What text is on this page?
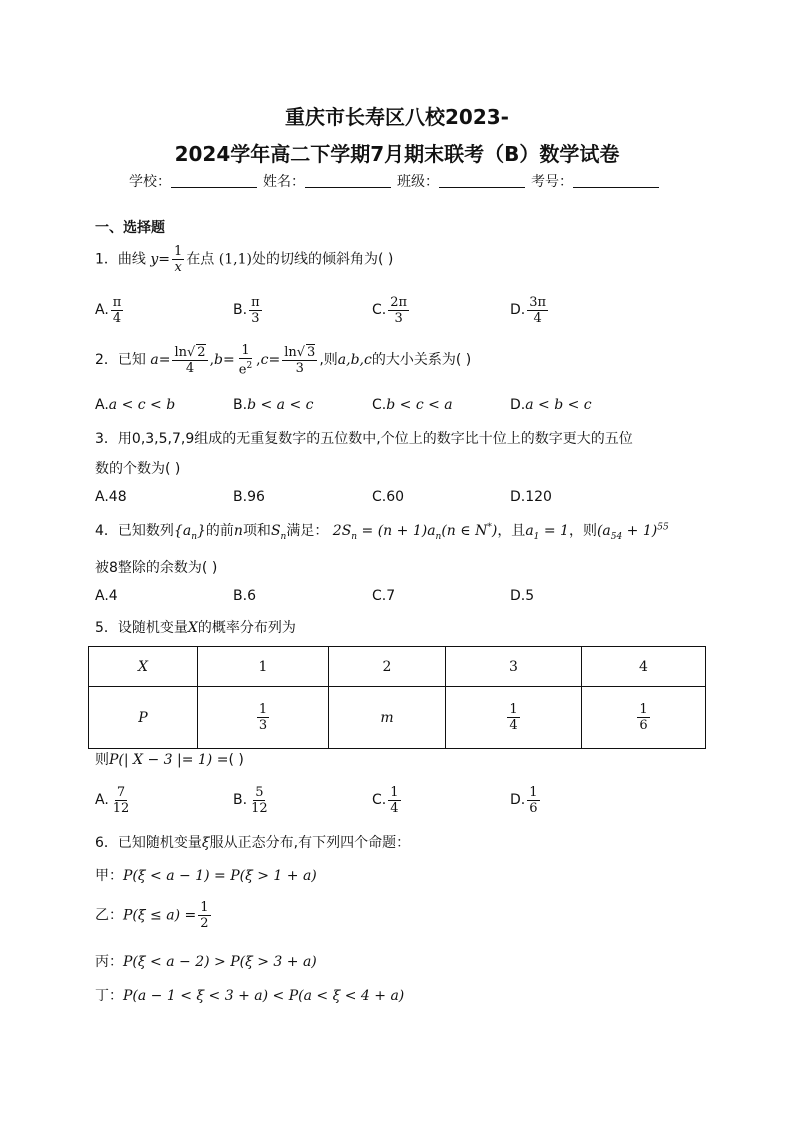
重庆市长寿区八校2023-
2024学年高二下学期7月期末联考（B）数学试卷
学校：	姓名：	班级：	考号：
一、选择题
1．曲线 $y= \frac{1}{x}$ 在点 (1,1)处的切线的倾斜角为( )
A. $\frac{\pi}{4}$	B. $\frac{\pi}{3}$	C. $\frac{2\pi}{3}$	D. $\frac{3\pi}{4}$
2．已知 $a= \frac{\ln√ 2}{4} ,b= \frac{1}{e^2} ,c= \frac{\ln√ 3}{3}$ ,则a,b,c的大小关系为( )
A.a < c < b	B.b < a < c	C.b < c < a	D.a < b < c
3．用0,3,5,7,9组成的无重复数字的五位数中,个位上的数字比十位上的数字更大的五位
数的个数为( )
A.48	B.96	C.60	D.120
4．已知数列$\{a_n\}$的前n项和$S_n$满足： $2S_n = (n + 1)a_n(n$ ∈ N*)，且$a_1 = 1$，则$(a_{54} + 1)^{55}$
被8整除的余数为( )
A.4	B.6	C.7	D.5
5．设随机变量X的概率分布列为
X	1	2	3	4
P	$\frac{1}{3}$	m	$\frac{1}{4}$	$\frac{1}{6}$
则P(| X − 3 |= 1) =( )
A. $\frac{7}{12}$	B. $\frac{5}{12}$	C. $\frac{1}{4}$	D. $\frac{1}{6}$
6．已知随机变量ξ服从正态分布,有下列四个命题：
甲：P(ξ < a − 1) = P(ξ > 1 + a)
乙：$P(\xi \le a) = \frac{1}{2}$
丙：P(ξ < a − 2) > P(ξ > 3 + a)
丁：P(a − 1 < ξ < 3 + a) < P(a < ξ < 4 + a)
